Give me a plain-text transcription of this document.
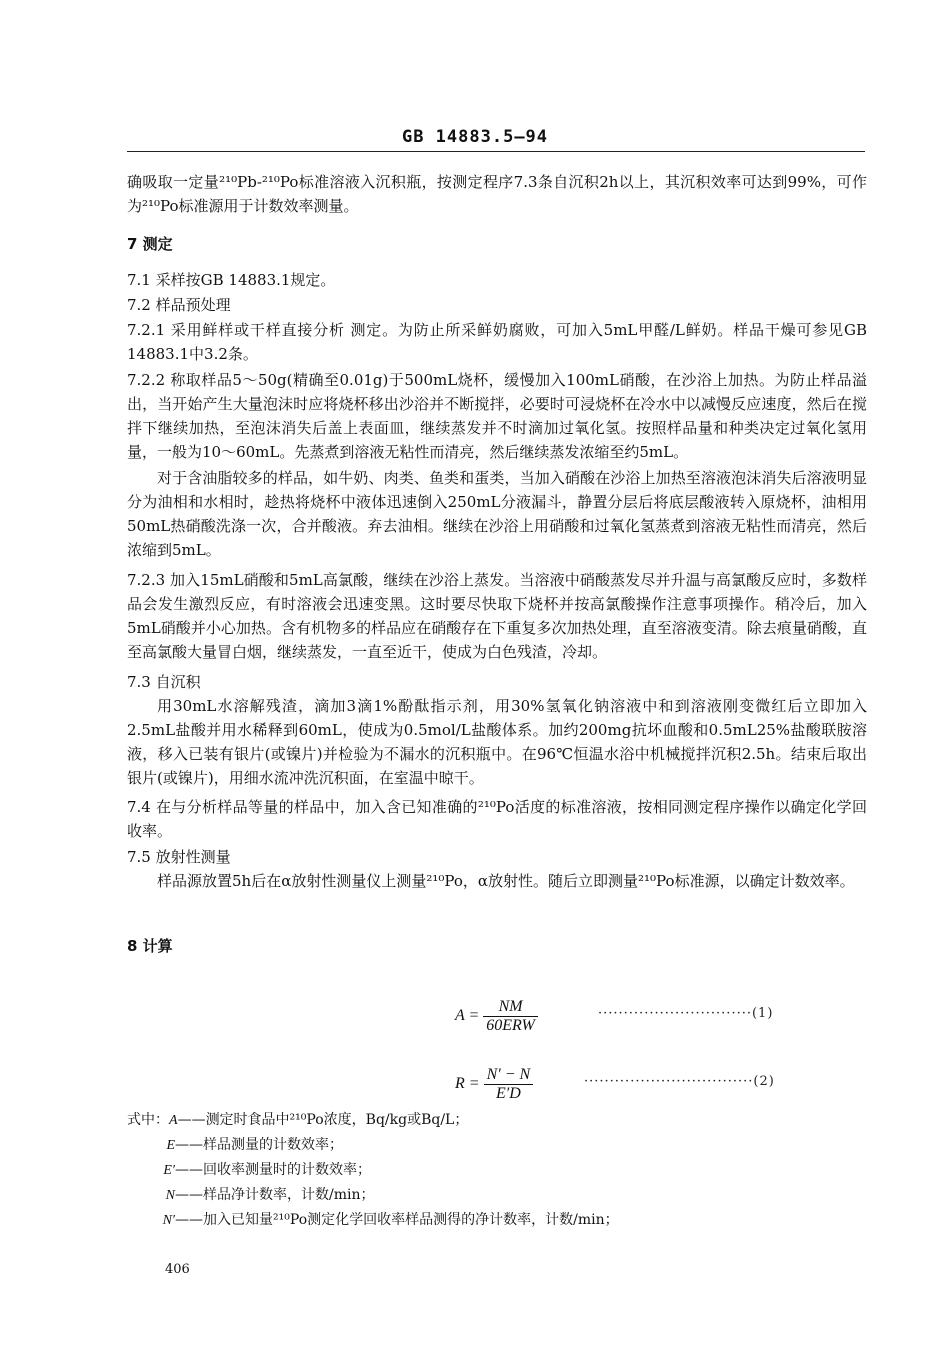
GB 14883.5—94

确吸取一定量²¹⁰Pb-²¹⁰Po标准溶液入沉积瓶，按测定程序7.3条自沉积2h以上，其沉积效率可达到99%，可作为²¹⁰Po标准源用于计数效率测量。

7 测定

7.1 采样按GB 14883.1规定。

7.2 样品预处理

7.2.1 采用鲜样或干样直接分析 测定。为防止所采鲜奶腐败，可加入5mL甲醛/L鲜奶。样品干燥可参见GB 14883.1中3.2条。

7.2.2 称取样品5～50g(精确至0.01g)于500mL烧杯，缓慢加入100mL硝酸，在沙浴上加热。为防止样品溢出，当开始产生大量泡沫时应将烧杯移出沙浴并不断搅拌，必要时可浸烧杯在冷水中以减慢反应速度，然后在搅拌下继续加热，至泡沫消失后盖上表面皿，继续蒸发并不时滴加过氧化氢。按照样品量和种类决定过氧化氢用量，一般为10～60mL。先蒸煮到溶液无粘性而清亮，然后继续蒸发浓缩至约5mL。

对于含油脂较多的样品，如牛奶、肉类、鱼类和蛋类，当加入硝酸在沙浴上加热至溶液泡沫消失后溶液明显分为油相和水相时，趁热将烧杯中液体迅速倒入250mL分液漏斗，静置分层后将底层酸液转入原烧杯，油相用50mL热硝酸洗涤一次，合并酸液。弃去油相。继续在沙浴上用硝酸和过氧化氢蒸煮到溶液无粘性而清亮，然后浓缩到5mL。

7.2.3 加入15mL硝酸和5mL高氯酸，继续在沙浴上蒸发。当溶液中硝酸蒸发尽并升温与高氯酸反应时，多数样品会发生激烈反应，有时溶液会迅速变黑。这时要尽快取下烧杯并按高氯酸操作注意事项操作。稍冷后，加入5mL硝酸并小心加热。含有机物多的样品应在硝酸存在下重复多次加热处理，直至溶液变清。除去痕量硝酸，直至高氯酸大量冒白烟，继续蒸发，一直至近干，使成为白色残渣，冷却。

7.3 自沉积

用30mL水溶解残渣，滴加3滴1%酚酞指示剂，用30%氢氧化钠溶液中和到溶液刚变微红后立即加入2.5mL盐酸并用水稀释到60mL，使成为0.5mol/L盐酸体系。加约200mg抗坏血酸和0.5mL25%盐酸联胺溶液，移入已装有银片(或镍片)并检验为不漏水的沉积瓶中。在96℃恒温水浴中机械搅拌沉积2.5h。结束后取出银片(或镍片)，用细水流冲洗沉积面，在室温中晾干。

7.4 在与分析样品等量的样品中，加入含已知准确的²¹⁰Po活度的标准溶液，按相同测定程序操作以确定化学回收率。

7.5 放射性测量

样品源放置5h后在α放射性测量仪上测量²¹⁰Po，α放射性。随后立即测量²¹⁰Po标准源，以确定计数效率。

8 计算
$A = \frac{NM}{\text{60ERW}}$	······························(1)
$R = \frac{N' - N}{E'D}$	·································(2)
式中：A——测定时食品中²¹⁰Po浓度，Bq/kg或Bq/L；
E——样品测量的计数效率；
E′——回收率测量时的计数效率；
N——样品净计数率，计数/min；
N′——加入已知量²¹⁰Po测定化学回收率样品测得的净计数率，计数/min；
406
